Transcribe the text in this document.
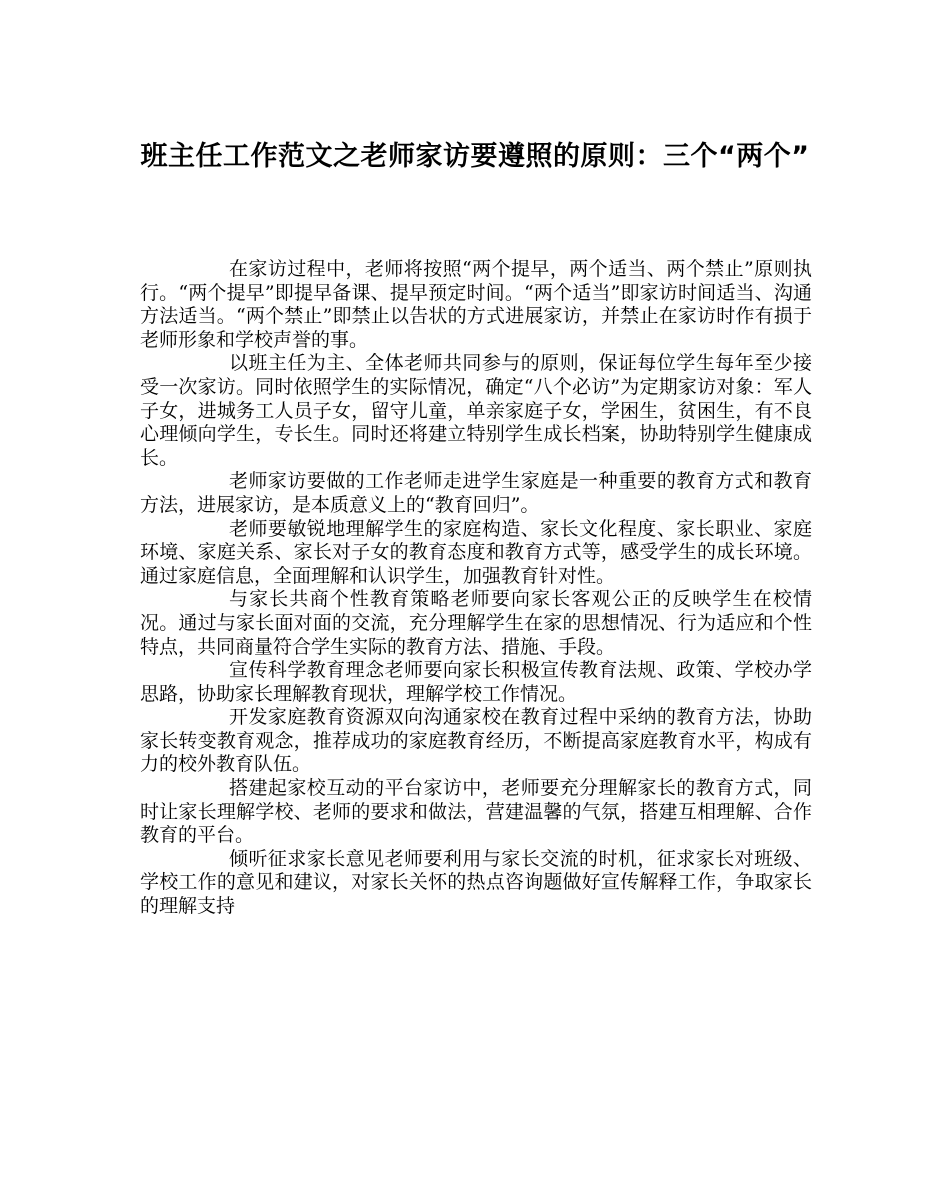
班主任工作范文之老师家访要遵照的原则：三个“两个”

在家访过程中，老师将按照“两个提早，两个适当、两个禁止”原则执行。“两个提早”即提早备课、提早预定时间。“两个适当”即家访时间适当、沟通方法适当。“两个禁止”即禁止以告状的方式进展家访，并禁止在家访时作有损于老师形象和学校声誉的事。

以班主任为主、全体老师共同参与的原则，保证每位学生每年至少接受一次家访。同时依照学生的实际情况，确定“八个必访”为定期家访对象：军人子女，进城务工人员子女，留守儿童，单亲家庭子女，学困生，贫困生，有不良心理倾向学生，专长生。同时还将建立特别学生成长档案，协助特别学生健康成长。

老师家访要做的工作老师走进学生家庭是一种重要的教育方式和教育方法，进展家访，是本质意义上的“教育回归”。

老师要敏锐地理解学生的家庭构造、家长文化程度、家长职业、家庭环境、家庭关系、家长对子女的教育态度和教育方式等，感受学生的成长环境。通过家庭信息，全面理解和认识学生，加强教育针对性。

与家长共商个性教育策略老师要向家长客观公正的反映学生在校情况。通过与家长面对面的交流，充分理解学生在家的思想情况、行为适应和个性特点，共同商量符合学生实际的教育方法、措施、手段。

宣传科学教育理念老师要向家长积极宣传教育法规、政策、学校办学思路，协助家长理解教育现状，理解学校工作情况。

开发家庭教育资源双向沟通家校在教育过程中采纳的教育方法，协助家长转变教育观念，推荐成功的家庭教育经历，不断提高家庭教育水平，构成有力的校外教育队伍。

搭建起家校互动的平台家访中，老师要充分理解家长的教育方式，同时让家长理解学校、老师的要求和做法，营建温馨的气氛，搭建互相理解、合作教育的平台。

倾听征求家长意见老师要利用与家长交流的时机，征求家长对班级、学校工作的意见和建议，对家长关怀的热点咨询题做好宣传解释工作，争取家长的理解支持
